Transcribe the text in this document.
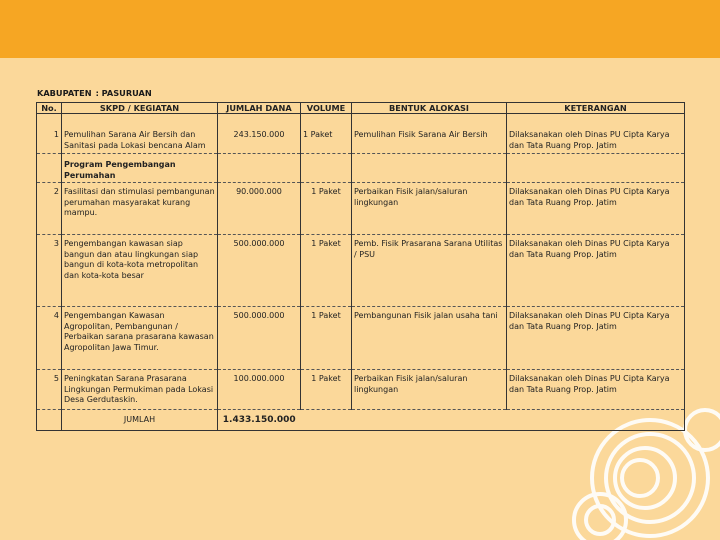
KABUPATEN : PASURUAN
No.	SKPD / KEGIATAN	JUMLAH DANA	VOLUME	BENTUK ALOKASI	KETERANGAN
1	Pemulihan Sarana Air Bersih dan Sanitasi pada Lokasi bencana Alam	243.150.000	1 Paket	Pemulihan Fisik Sarana Air Bersih	Dilaksanakan oleh Dinas PU Cipta Karya dan Tata Ruang Prop. Jatim
	Program Pengembangan Perumahan				
2	Fasilitasi dan stimulasi pembangunan perumahan masyarakat kurang mampu.	90.000.000	1 Paket	Perbaikan Fisik jalan/saluran lingkungan	Dilaksanakan oleh Dinas PU Cipta Karya dan Tata Ruang Prop. Jatim
3	Pengembangan kawasan siap bangun dan atau lingkungan siap bangun di kota-kota metropolitan dan kota-kota besar	500.000.000	1 Paket	Pemb. Fisik Prasarana Sarana Utilitas / PSU	Dilaksanakan oleh Dinas PU Cipta Karya dan Tata Ruang Prop. Jatim
4	Pengembangan Kawasan Agropolitan, Pembangunan / Perbaikan sarana prasarana kawasan Agropolitan Jawa Timur.	500.000.000	1 Paket	Pembangunan Fisik jalan usaha tani	Dilaksanakan oleh Dinas PU Cipta Karya dan Tata Ruang Prop. Jatim
5	Peningkatan Sarana Prasarana Lingkungan Permukiman pada Lokasi Desa Gerdutaskin.	100.000.000	1 Paket	Perbaikan Fisik jalan/saluran lingkungan	Dilaksanakan oleh Dinas PU Cipta Karya dan Tata Ruang Prop. Jatim
	JUMLAH	1.433.150.000			
